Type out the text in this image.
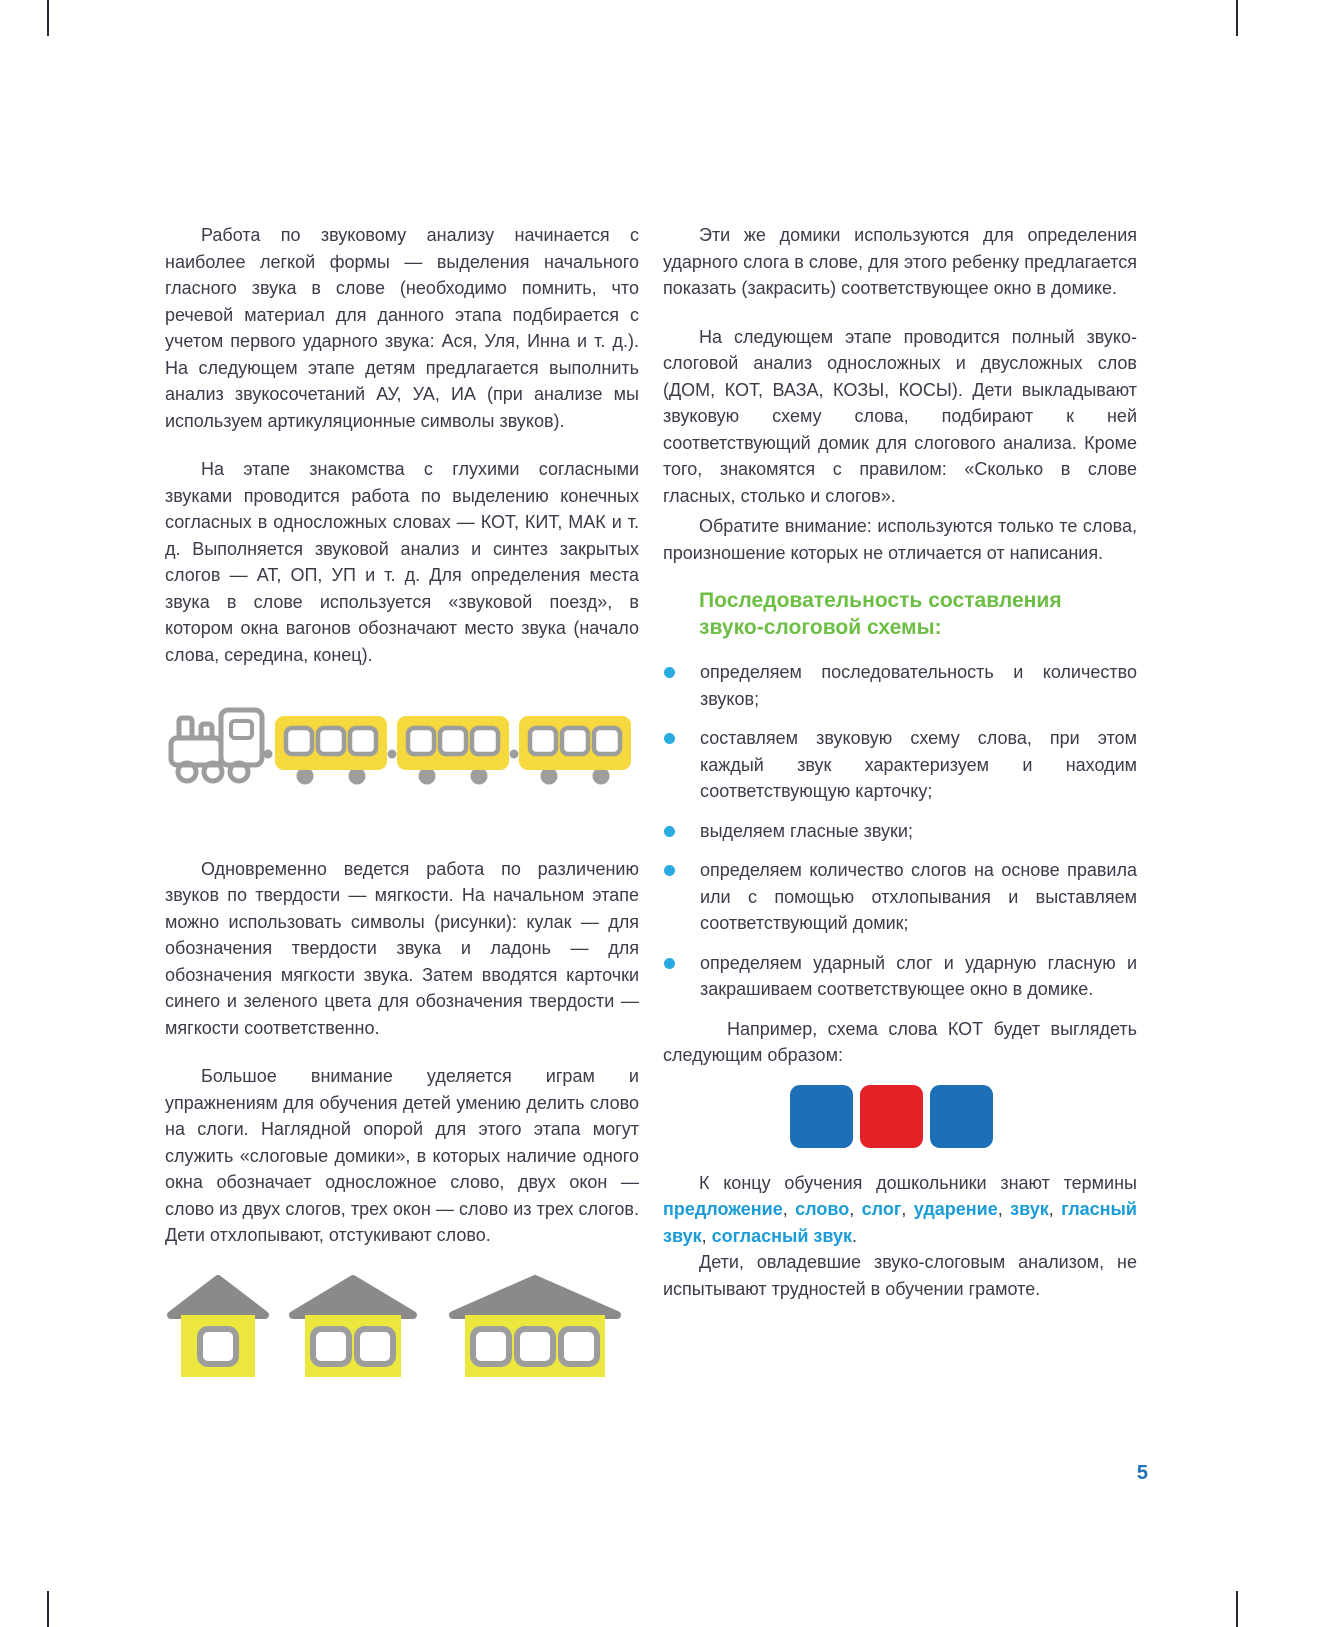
Работа по звуковому анализу начинается с наиболее легкой формы — выделения начального гласного звука в слове (необходимо помнить, что речевой материал для данного этапа подбирается с учетом первого ударного звука: Ася, Уля, Инна и т. д.). На следующем этапе детям предлагается выполнить анализ звукосочетаний АУ, УА, ИА (при анализе мы используем артикуляционные символы звуков).

На этапе знакомства с глухими согласными звуками проводится работа по выделению конечных согласных в односложных словах — КОТ, КИТ, МАК и т. д. Выполняется звуковой анализ и синтез закрытых слогов — АТ, ОП, УП и т. д. Для определения места звука в слове используется «звуковой поезд», в котором окна вагонов обозначают место звука (начало слова, середина, конец).

Одновременно ведется работа по различению звуков по твердости — мягкости. На начальном этапе можно использовать символы (рисунки): кулак — для обозначения твердости звука и ладонь — для обозначения мягкости звука. Затем вводятся карточки синего и зеленого цвета для обозначения твердости — мягкости соответственно.

Большое внимание уделяется играм и упражнениям для обучения детей умению делить слово на слоги. Наглядной опорой для этого этапа могут служить «слоговые домики», в которых наличие одного окна обозначает односложное слово, двух окон — слово из двух слогов, трех окон — слово из трех слогов. Дети отхлопывают, отстукивают слово.

Эти же домики используются для определения ударного слога в слове, для этого ребенку предлагается показать (закрасить) соответствующее окно в домике.

На следующем этапе проводится полный звуко-слоговой анализ односложных и двусложных слов (ДОМ, КОТ, ВАЗА, КОЗЫ, КОСЫ). Дети выкладывают звуковую схему слова, подбирают к ней соответствующий домик для слогового анализа. Кроме того, знакомятся с правилом: «Сколько в слове гласных, столько и слогов».

Обратите внимание: используются только те слова, произношение которых не отличается от написания.

Последовательность составления
звуко-слоговой схемы:
определяем последовательность и количество звуков;
составляем звуковую схему слова, при этом каждый звук характеризуем и находим соответствующую карточку;
выделяем гласные звуки;
определяем количество слогов на основе правила или с помощью отхлопывания и выставляем соответствующий домик;
определяем ударный слог и ударную гласную и закрашиваем соответствующее окно в домике.

Например, схема слова КОТ будет выглядеть следующим образом:

К концу обучения дошкольники знают термины предложение, слово, слог, ударение, звук, гласный звук, согласный звук.

Дети, овладевшие звуко-слоговым анализом, не испытывают трудностей в обучении грамоте.

5
